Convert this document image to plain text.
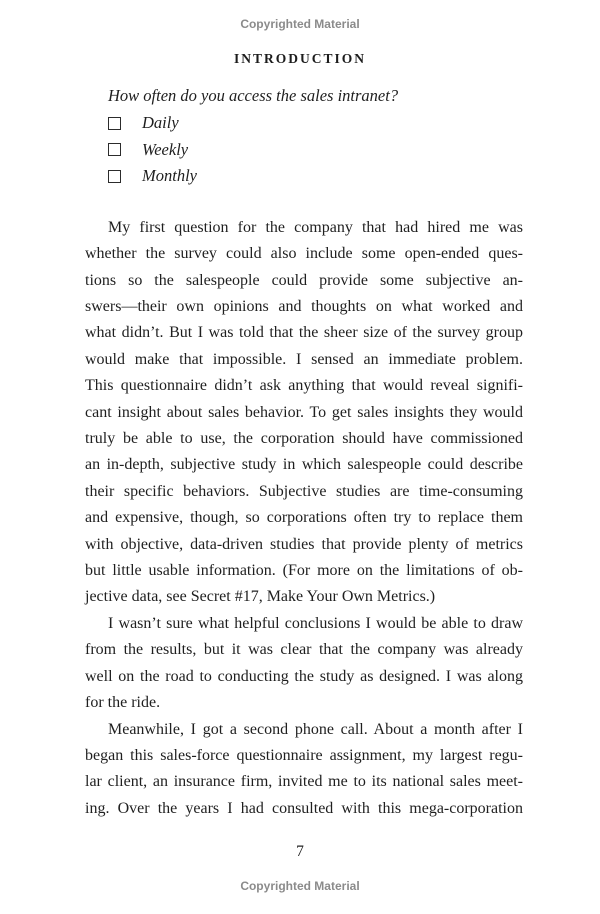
Copyrighted Material
INTRODUCTION
How often do you access the sales intranet?
Daily
Weekly
Monthly
My first question for the company that had hired me was
whether the survey could also include some open-ended ques-
tions so the salespeople could provide some subjective an-
swers—their own opinions and thoughts on what worked and
what didn’t. But I was told that the sheer size of the survey group
would make that impossible. I sensed an immediate problem.
This questionnaire didn’t ask anything that would reveal signifi-
cant insight about sales behavior. To get sales insights they would
truly be able to use, the corporation should have commissioned
an in-depth, subjective study in which salespeople could describe
their specific behaviors. Subjective studies are time-consuming
and expensive, though, so corporations often try to replace them
with objective, data-driven studies that provide plenty of metrics
but little usable information. (For more on the limitations of ob-
jective data, see Secret #17, Make Your Own Metrics.)
I wasn’t sure what helpful conclusions I would be able to draw
from the results, but it was clear that the company was already
well on the road to conducting the study as designed. I was along
for the ride.
Meanwhile, I got a second phone call. About a month after I
began this sales-force questionnaire assignment, my largest regu-
lar client, an insurance firm, invited me to its national sales meet-
ing. Over the years I had consulted with this mega-corporation
7
Copyrighted Material
